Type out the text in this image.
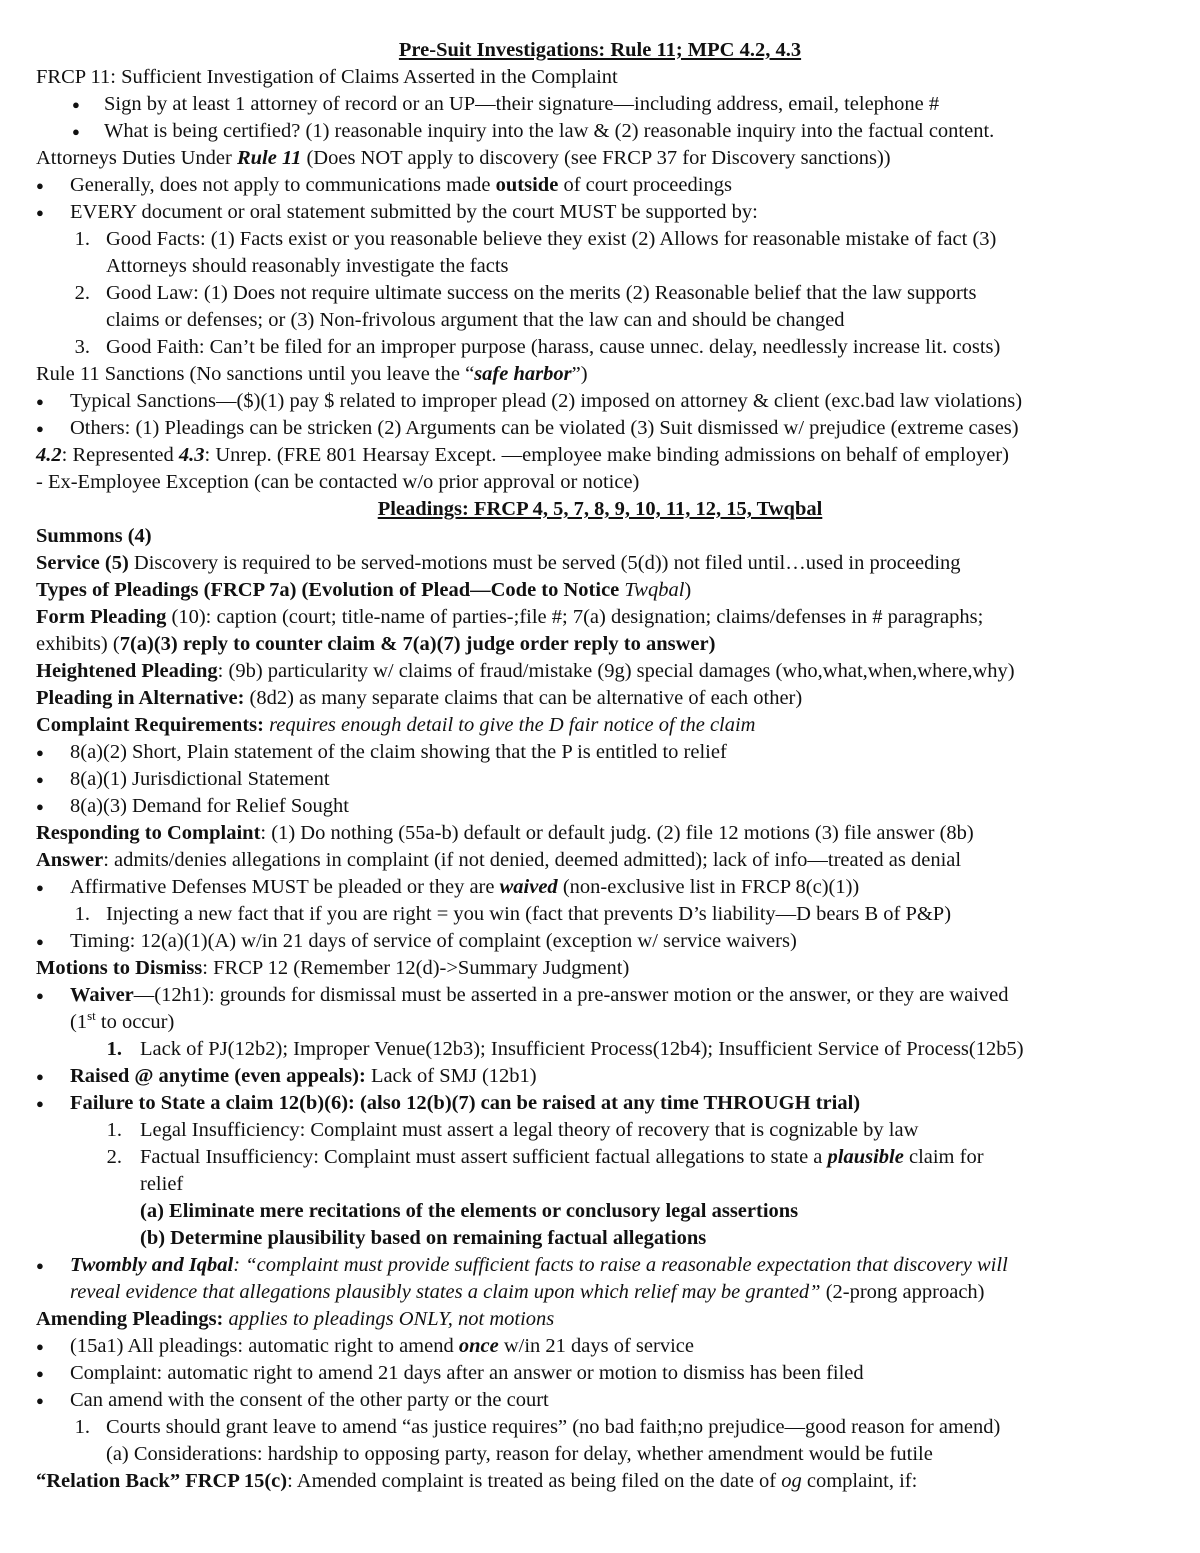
Pre-Suit Investigations: Rule 11; MPC 4.2, 4.3
FRCP 11: Sufficient Investigation of Claims Asserted in the Complaint
● Sign by at least 1 attorney of record or an UP—their signature—including address, email, telephone #
● What is being certified? (1) reasonable inquiry into the law & (2) reasonable inquiry into the factual content.
Attorneys Duties Under Rule 11 (Does NOT apply to discovery (see FRCP 37 for Discovery sanctions))
● Generally, does not apply to communications made outside of court proceedings
● EVERY document or oral statement submitted by the court MUST be supported by:
1. Good Facts: (1) Facts exist or you reasonable believe they exist (2) Allows for reasonable mistake of fact (3)
Attorneys should reasonably investigate the facts
2. Good Law: (1) Does not require ultimate success on the merits (2) Reasonable belief that the law supports
claims or defenses; or (3) Non-frivolous argument that the law can and should be changed
3. Good Faith: Can’t be filed for an improper purpose (harass, cause unnec. delay, needlessly increase lit. costs)
Rule 11 Sanctions (No sanctions until you leave the “safe harbor”)
● Typical Sanctions—($)(1) pay $ related to improper plead (2) imposed on attorney & client (exc.bad law violations)
● Others: (1) Pleadings can be stricken (2) Arguments can be violated (3) Suit dismissed w/ prejudice (extreme cases)
4.2: Represented 4.3: Unrep. (FRE 801 Hearsay Except. —employee make binding admissions on behalf of employer)
- Ex-Employee Exception (can be contacted w/o prior approval or notice)
Pleadings: FRCP 4, 5, 7, 8, 9, 10, 11, 12, 15, Twqbal
Summons (4)
Service (5) Discovery is required to be served-motions must be served (5(d)) not filed until…used in proceeding
Types of Pleadings (FRCP 7a) (Evolution of Plead—Code to Notice Twqbal)
Form Pleading (10): caption (court; title-name of parties-;file #; 7(a) designation; claims/defenses in # paragraphs;
exhibits) (7(a)(3) reply to counter claim & 7(a)(7) judge order reply to answer)
Heightened Pleading: (9b) particularity w/ claims of fraud/mistake (9g) special damages (who,what,when,where,why)
Pleading in Alternative: (8d2) as many separate claims that can be alternative of each other)
Complaint Requirements: requires enough detail to give the D fair notice of the claim
● 8(a)(2) Short, Plain statement of the claim showing that the P is entitled to relief
● 8(a)(1) Jurisdictional Statement
● 8(a)(3) Demand for Relief Sought
Responding to Complaint: (1) Do nothing (55a-b) default or default judg. (2) file 12 motions (3) file answer (8b)
Answer: admits/denies allegations in complaint (if not denied, deemed admitted); lack of info—treated as denial
● Affirmative Defenses MUST be pleaded or they are waived (non-exclusive list in FRCP 8(c)(1))
1. Injecting a new fact that if you are right = you win (fact that prevents D’s liability—D bears B of P&P)
● Timing: 12(a)(1)(A) w/in 21 days of service of complaint (exception w/ service waivers)
Motions to Dismiss: FRCP 12 (Remember 12(d)->Summary Judgment)
● Waiver—(12h1): grounds for dismissal must be asserted in a pre-answer motion or the answer, or they are waived
(1st to occur)
1. Lack of PJ(12b2); Improper Venue(12b3); Insufficient Process(12b4); Insufficient Service of Process(12b5)
● Raised @ anytime (even appeals): Lack of SMJ (12b1)
● Failure to State a claim 12(b)(6): (also 12(b)(7) can be raised at any time THROUGH trial)
1. Legal Insufficiency: Complaint must assert a legal theory of recovery that is cognizable by law
2. Factual Insufficiency: Complaint must assert sufficient factual allegations to state a plausible claim for
relief
(a) Eliminate mere recitations of the elements or conclusory legal assertions
(b) Determine plausibility based on remaining factual allegations
● Twombly and Iqbal: “complaint must provide sufficient facts to raise a reasonable expectation that discovery will
reveal evidence that allegations plausibly states a claim upon which relief may be granted” (2-prong approach)
Amending Pleadings: applies to pleadings ONLY, not motions
● (15a1) All pleadings: automatic right to amend once w/in 21 days of service
● Complaint: automatic right to amend 21 days after an answer or motion to dismiss has been filed
● Can amend with the consent of the other party or the court
1. Courts should grant leave to amend “as justice requires” (no bad faith;no prejudice—good reason for amend)
(a) Considerations: hardship to opposing party, reason for delay, whether amendment would be futile
“Relation Back” FRCP 15(c): Amended complaint is treated as being filed on the date of og complaint, if:
